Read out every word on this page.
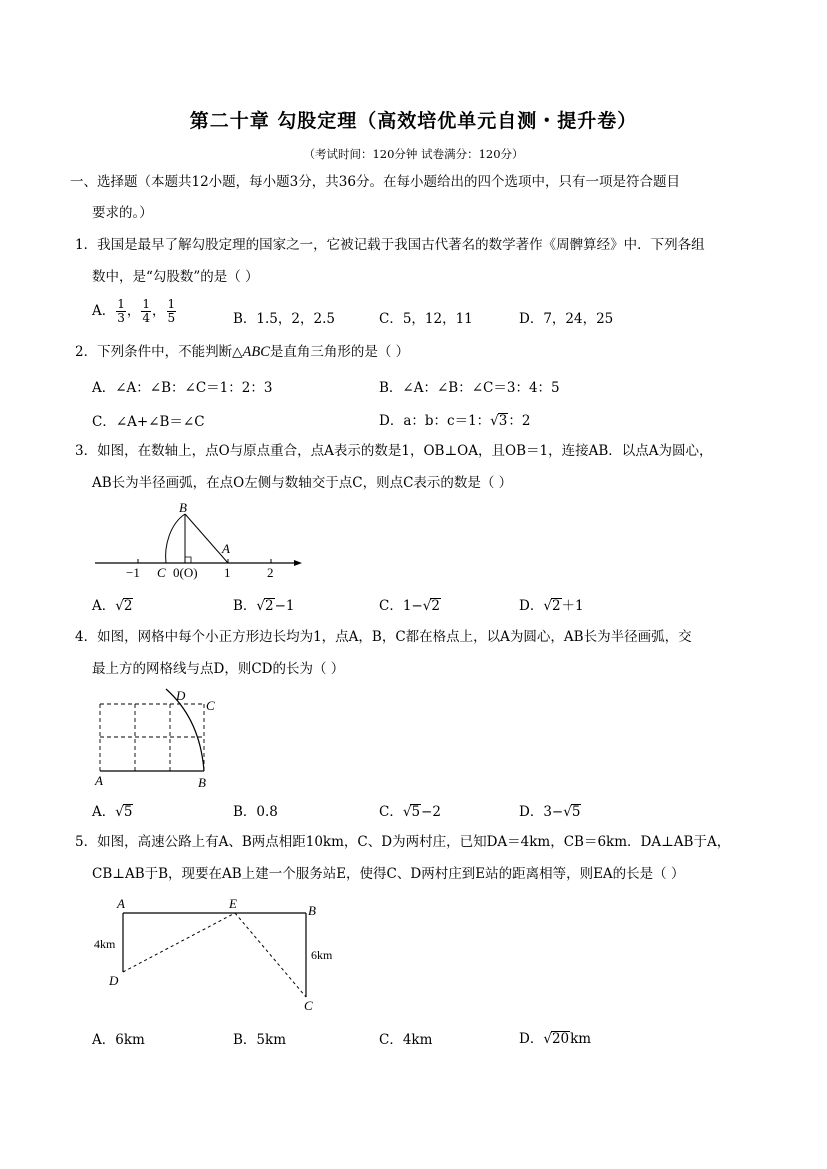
第二十章 勾股定理（高效培优单元自测・提升卷）
（考试时间：120分钟 试卷满分：120分）
一、选择题（本题共12小题，每小题3分，共36分。在每小题给出的四个选项中，只有一项是符合题目
要求的。）
1．我国是最早了解勾股定理的国家之一，它被记载于我国古代著名的数学著作《周髀算经》中．下列各组
数中，是“勾股数”的是（ ）
A． $\frac{1}{3}$ ， $\frac{1}{4}$ ， $\frac{1}{5}$	B．1.5，2，2.5	C．5，12，11	D．7，24，25
2．下列条件中，不能判断△ABC是直角三角形的是（ ）
A．∠A：∠B：∠C＝1：2：3	B．∠A：∠B：∠C＝3：4：5
C．∠A+∠B＝∠C	D．a：b：c＝1：√3：2
3．如图，在数轴上，点O与原点重合，点A表示的数是1，OB⊥OA，且OB＝1，连接AB．以点A为圆心，
AB长为半径画弧，在点O左侧与数轴交于点C，则点C表示的数是（ ）
B
A
−1 C 0(O) 1	2
A．√2	B．√2−1	C．1−√2	D．√2＋1
4．如图，网格中每个小正方形边长均为1，点A，B，C都在格点上，以A为圆心，AB长为半径画弧，交
最上方的网格线与点D，则CD的长为（ ）
D
C
A	B
A．√5	B．0.8	C．√5−2	D．3−√5
5．如图，高速公路上有A、B两点相距10km，C、D为两村庄，已知DA＝4km，CB＝6km．DA⊥AB于A，
CB⊥AB于B，现要在AB上建一个服务站E，使得C、D两村庄到E站的距离相等，则EA的长是（ ）
A	E	B
D
C
4km
6km
A．6km	B．5km	C．4km	D．√20km
